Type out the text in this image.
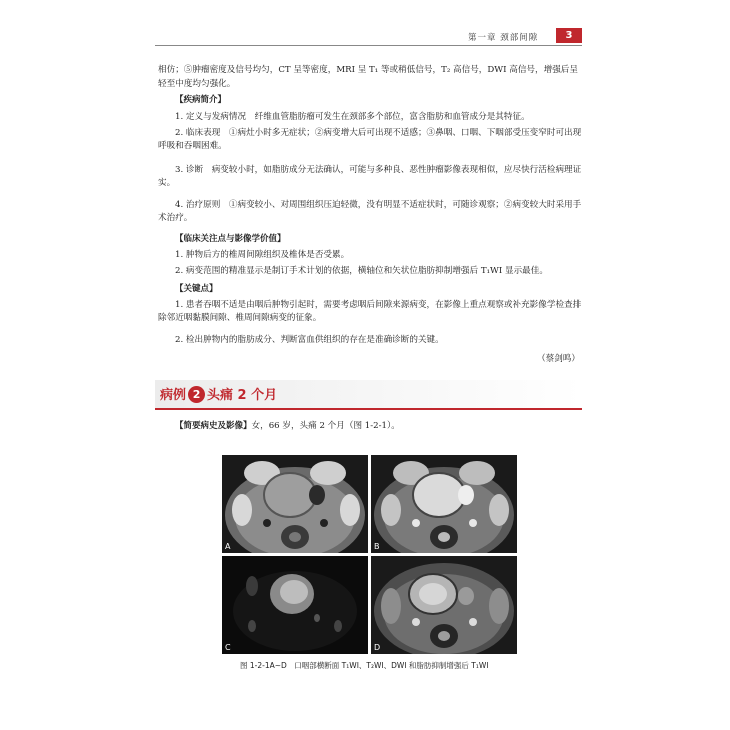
第一章 颈部间隙	3
相仿；⑤肿瘤密度及信号均匀，CT 呈等密度，MRI 呈 T₁ 等或稍低信号，T₂ 高信号，DWI 高信号，增强后呈
轻至中度均匀强化。
【疾病简介】
1. 定义与发病情况　纤维血管脂肪瘤可发生在颈部多个部位，富含脂肪和血管成分是其特征。
2. 临床表现　①病灶小时多无症状；②病变增大后可出现不适感；③鼻咽、口咽、下咽部受压变窄时可出现呼吸和吞咽困难。
3. 诊断　病变较小时，如脂肪成分无法确认，可能与多种良、恶性肿瘤影像表现相似，应尽快行活检病理证实。
4. 治疗原则　①病变较小、对周围组织压迫轻微，没有明显不适症状时，可随诊观察；②病变较大时采用手术治疗。
【临床关注点与影像学价值】
1. 肿物后方的椎周间隙组织及椎体是否受累。
2. 病变范围的精准显示是制订手术计划的依据，横轴位和矢状位脂肪抑制增强后 T₁WI 显示最佳。
【关键点】
1. 患者吞咽不适是由咽后肿物引起时，需要考虑咽后间隙来源病变，在影像上重点观察或补充影像学检查排除邻近咽黏膜间隙、椎周间隙病变的征象。
2. 检出肿物内的脂肪成分、判断富血供组织的存在是准确诊断的关键。
（蔡剑鸣）
病例 2 头痛 2 个月
【简要病史及影像】女，66 岁，头痛 2 个月（图 1-2-1）。
A	B
C	D
图 1-2-1A~D　口咽部横断面 T₁WI、T₂WI、DWI 和脂肪抑制增强后 T₁WI
